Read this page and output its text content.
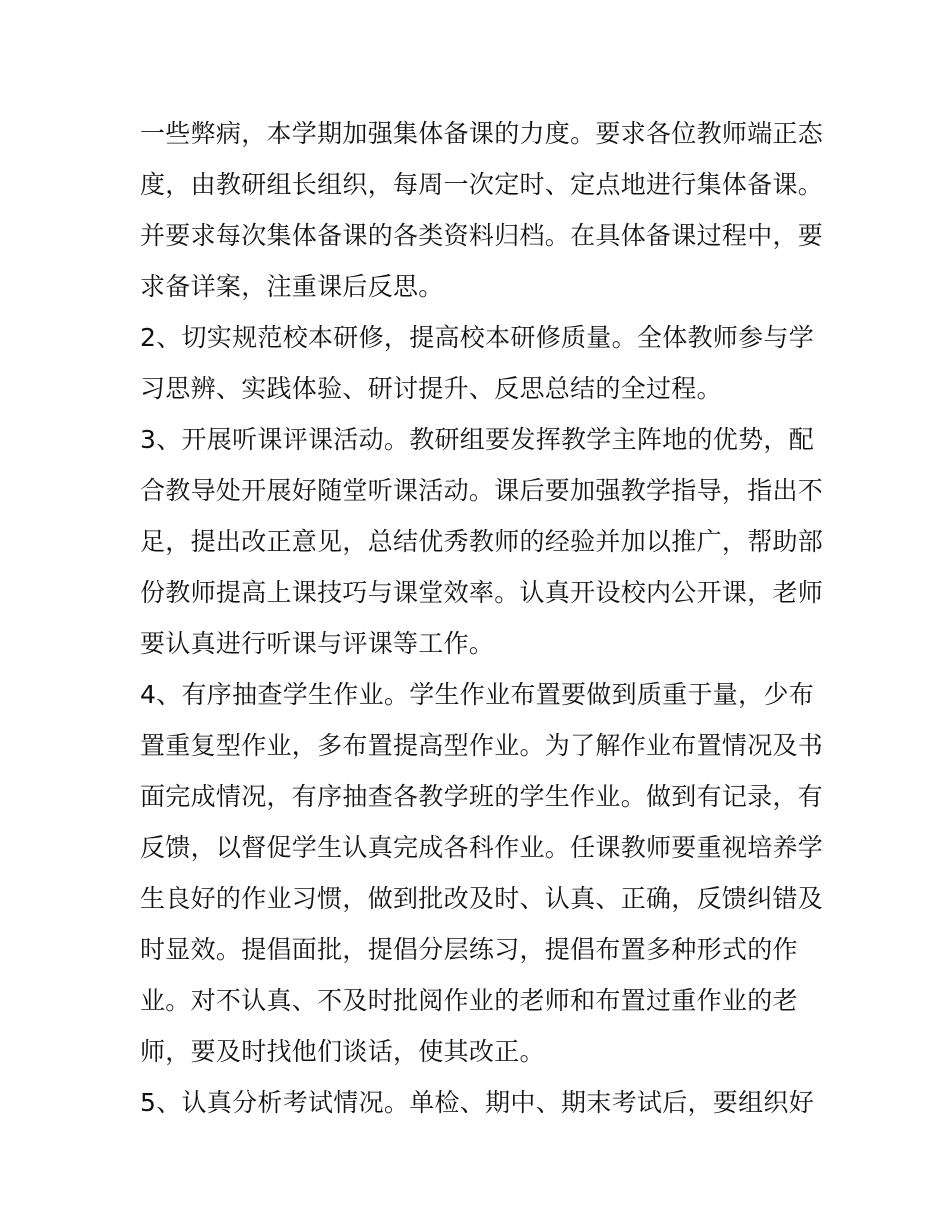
一些弊病，本学期加强集体备课的力度。要求各位教师端正态

度，由教研组长组织，每周一次定时、定点地进行集体备课。

并要求每次集体备课的各类资料归档。在具体备课过程中，要

求备详案，注重课后反思。

2、切实规范校本研修，提高校本研修质量。全体教师参与学

习思辨、实践体验、研讨提升、反思总结的全过程。

3、开展听课评课活动。教研组要发挥教学主阵地的优势，配

合教导处开展好随堂听课活动。课后要加强教学指导，指出不

足，提出改正意见，总结优秀教师的经验并加以推广，帮助部

份教师提高上课技巧与课堂效率。认真开设校内公开课，老师

要认真进行听课与评课等工作。

4、有序抽查学生作业。学生作业布置要做到质重于量，少布

置重复型作业，多布置提高型作业。为了解作业布置情况及书

面完成情况，有序抽查各教学班的学生作业。做到有记录，有

反馈，以督促学生认真完成各科作业。任课教师要重视培养学

生良好的作业习惯，做到批改及时、认真、正确，反馈纠错及

时显效。提倡面批，提倡分层练习，提倡布置多种形式的作

业。对不认真、不及时批阅作业的老师和布置过重作业的老

师，要及时找他们谈话，使其改正。

5、认真分析考试情况。单检、期中、期末考试后，要组织好
